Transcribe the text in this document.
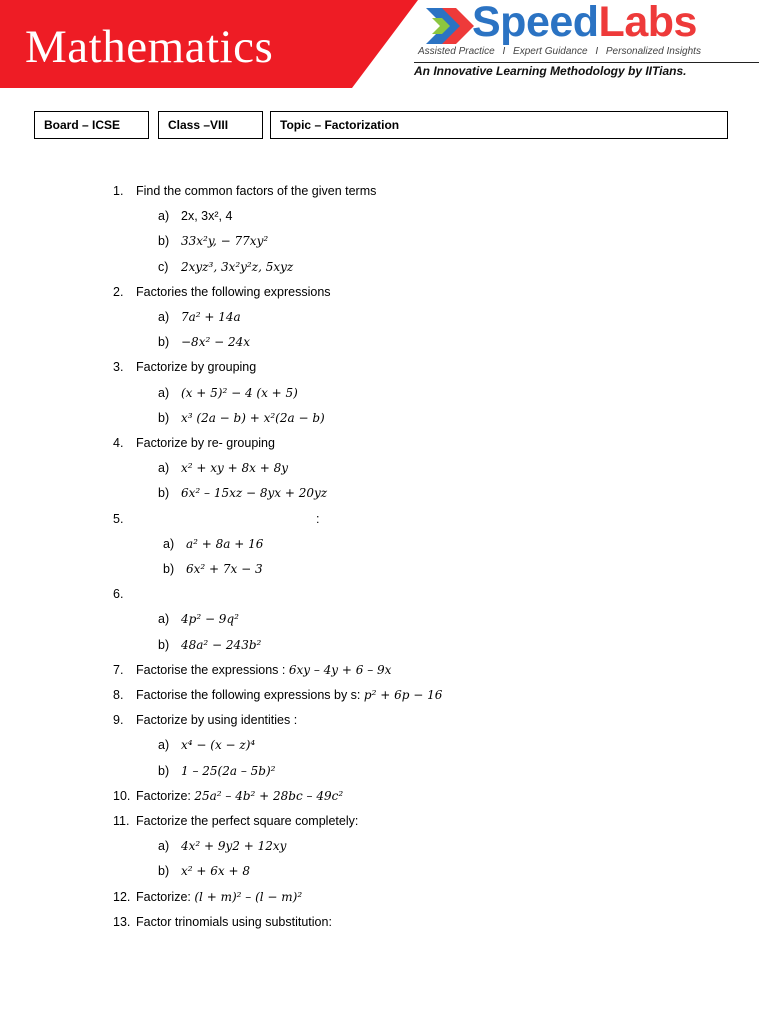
Mathematics	SpeedLabs
Assisted Practice I Expert Guidance I Personalized Insights
An Innovative Learning Methodology by IITians.
Board – ICSE	Class –VIII	Topic – Factorization
1.	Find the common factors of the given terms
a) 2x, 3x², 4
b) 33x²y, − 77xy²
c)	2xyz³, 3x²y²z, 5xyz
2.	Factories the following expressions
a) 7a² + 14a
b) −8x² − 24x
3.	Factorize by grouping
a) (x + 5)² − 4 (x + 5)
b) x³ (2a − b) + x²(2a − b)
4.	Factorize by re- grouping
a) x² + xy + 8x + 8y
b) 6x² – 15xz − 8yx + 20yz
5.	:
a) a² + 8a + 16
b) 6x² + 7x − 3
6.
a) 4p² − 9q²
b) 48a² − 243b²
7.	Factorise the expressions : 6xy – 4y + 6 – 9x
8.	Factorise the following expressions by s: p² + 6p − 16
9.	Factorize by using identities :
a) x⁴ − (x − z)⁴
b) 1 – 25(2a – 5b)²
10. Factorize: 25a² – 4b² + 28bc – 49c²
11. Factorize the perfect square completely:
a) 4x² + 9y2 + 12xy
b) x² + 6x + 8
12. Factorize: (l + m)² – (l − m)²
13. Factor trinomials using substitution:
